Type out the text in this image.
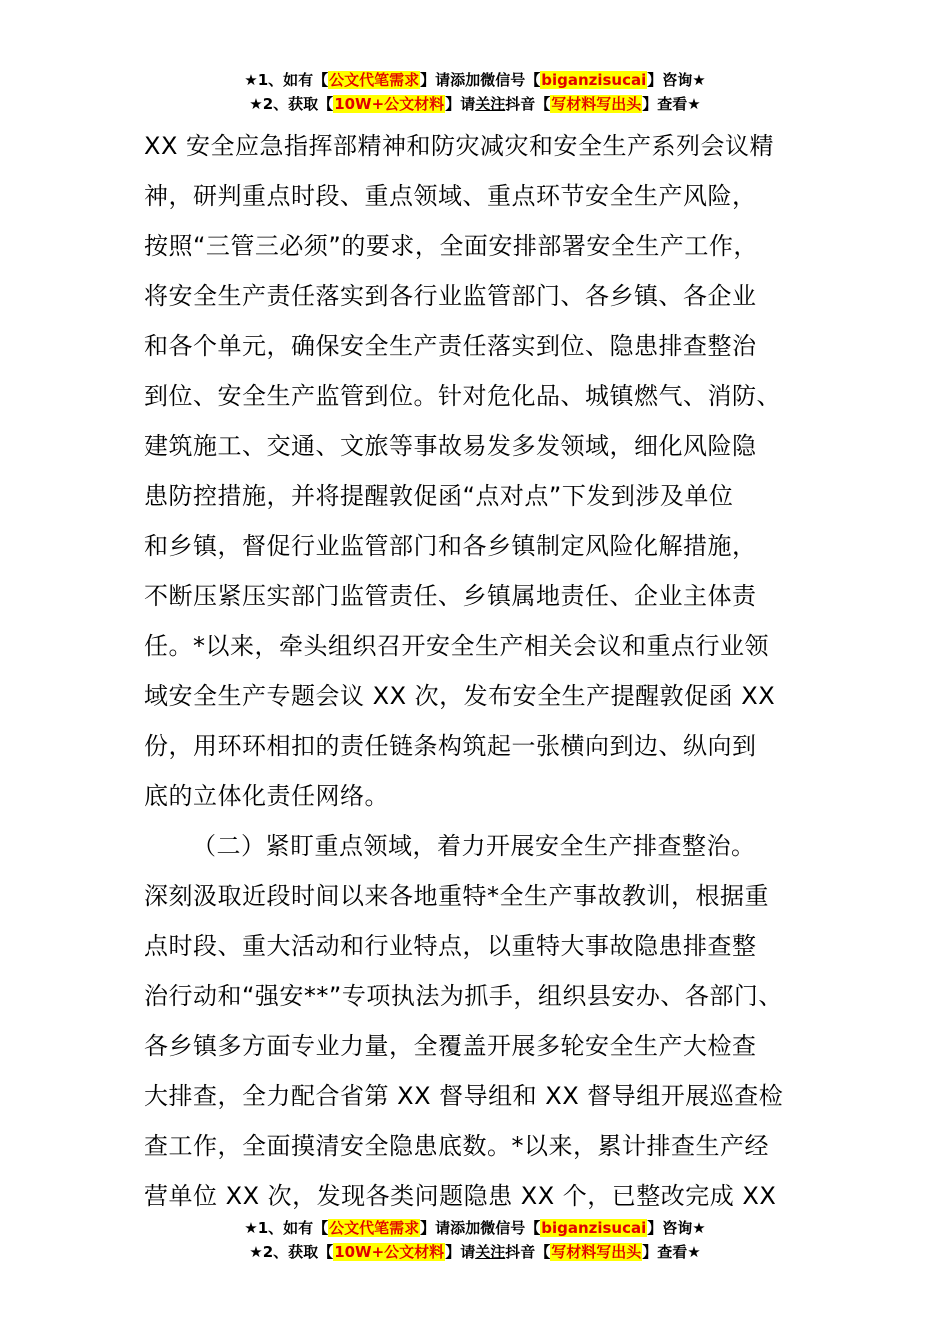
★1、如有【公文代笔需求】请添加微信号【biganzisucai】咨询★
★2、获取【10W+公文材料】请关注抖音【写材料写出头】查看★
XX 安全应急指挥部精神和防灾减灾和安全生产系列会议精
神，研判重点时段、重点领域、重点环节安全生产风险，
按照“三管三必须”的要求，全面安排部署安全生产工作，
将安全生产责任落实到各行业监管部门、各乡镇、各企业
和各个单元，确保安全生产责任落实到位、隐患排查整治
到位、安全生产监管到位。针对危化品、城镇燃气、消防、
建筑施工、交通、文旅等事故易发多发领域，细化风险隐
患防控措施，并将提醒敦促函“点对点”下发到涉及单位
和乡镇，督促行业监管部门和各乡镇制定风险化解措施，
不断压紧压实部门监管责任、乡镇属地责任、企业主体责
任。*以来，牵头组织召开安全生产相关会议和重点行业领
域安全生产专题会议 XX 次，发布安全生产提醒敦促函 XX
份，用环环相扣的责任链条构筑起一张横向到边、纵向到
底的立体化责任网络。
（二）紧盯重点领域，着力开展安全生产排查整治。
深刻汲取近段时间以来各地重特*全生产事故教训，根据重
点时段、重大活动和行业特点，以重特大事故隐患排查整
治行动和“强安**”专项执法为抓手，组织县安办、各部门、
各乡镇多方面专业力量，全覆盖开展多轮安全生产大检查
大排查，全力配合省第 XX 督导组和 XX 督导组开展巡查检
查工作，全面摸清安全隐患底数。*以来，累计排查生产经
营单位 XX 次，发现各类问题隐患 XX 个，已整改完成 XX
★1、如有【公文代笔需求】请添加微信号【biganzisucai】咨询★
★2、获取【10W+公文材料】请关注抖音【写材料写出头】查看★
